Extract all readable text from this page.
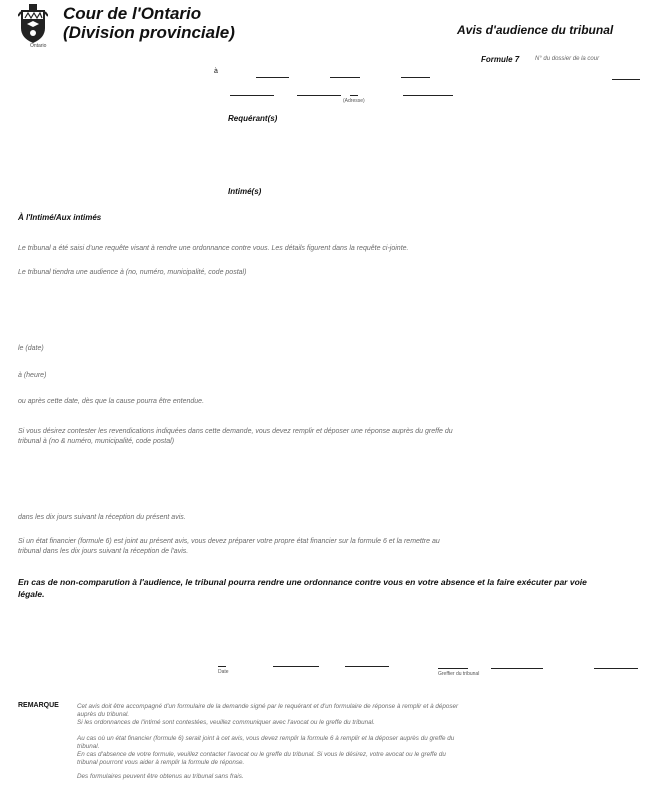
Ontario
Cour de l'Ontario
(Division provinciale)	Avis d'audience du tribunal
Formule 7	N° du dossier de la cour
à
(Adresse)
Requérant(s)
Intimé(s)
À l'Intimé/Aux intimés
Le tribunal a été saisi d'une requête visant à rendre une ordonnance contre vous. Les détails figurent dans la requête ci-jointe.
Le tribunal tiendra une audience à (no, numéro, municipalité, code postal)
le (date)
à (heure)
ou après cette date, dès que la cause pourra être entendue.
Si vous désirez contester les revendications indiquées dans cette demande, vous devez remplir et déposer une réponse auprès du greffe du
tribunal à (no & numéro, municipalité, code postal)
dans les dix jours suivant la réception du présent avis.
Si un état financier (formule 6) est joint au présent avis, vous devez préparer votre propre état financier sur la formule 6 et la remettre au
tribunal dans les dix jours suivant la réception de l'avis.
En cas de non-comparution à l'audience, le tribunal pourra rendre une ordonnance contre vous en votre absence et la faire exécuter par voie légale.
Date	Greffier du tribunal
REMARQUE	Cet avis doit être accompagné d'un formulaire de la demande signé par le requérant et d'un formulaire de réponse à remplir et à déposer
auprès du tribunal.
Si les ordonnances de l'intimé sont contestées, veuillez communiquer avec l'avocat ou le greffe du tribunal.
Au cas où un état financier (formule 6) serait joint à cet avis, vous devez remplir la formule 6 à remplir et la déposer auprès du greffe du
tribunal.
En cas d'absence de votre formule, veuillez contacter l'avocat ou le greffe du tribunal. Si vous le désirez, votre avocat ou le greffe du
tribunal pourront vous aider à remplir la formule de réponse.
Des formulaires peuvent être obtenus au tribunal sans frais.
